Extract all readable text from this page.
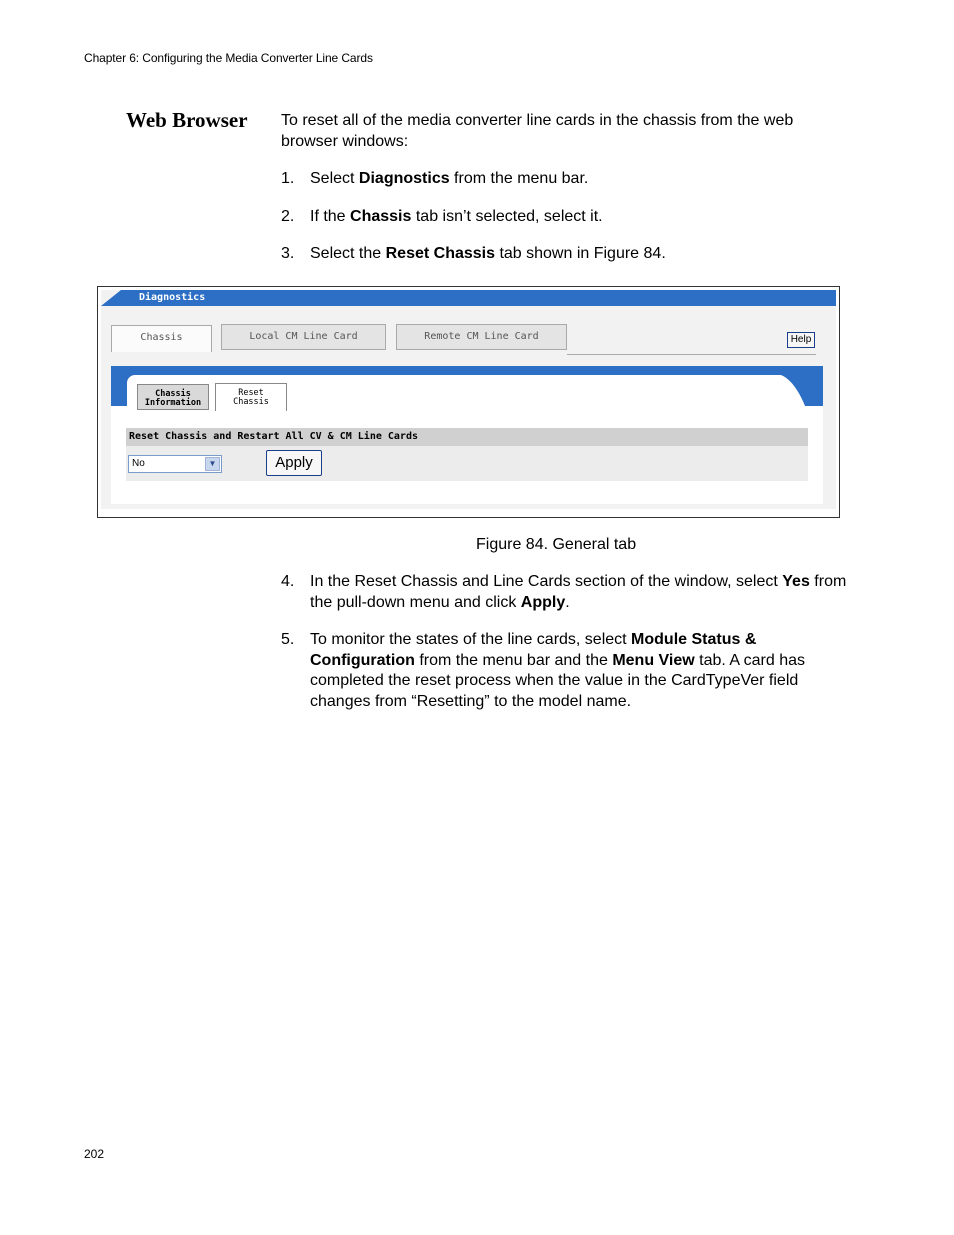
Chapter 6: Configuring the Media Converter Line Cards
Web Browser To reset all of the media converter line cards in the chassis from the web browser windows:
1. Select Diagnostics from the menu bar.
2. If the Chassis tab isn’t selected, select it.
3. Select the Reset Chassis tab shown in Figure 84.
Diagnostics
Chassis	Local CM Line Card	Remote CM Line Card	Help
Chassis
Information
Reset
Chassis
Reset Chassis and Restart All CV & CM Line Cards
No	▼	Apply
Figure 84. General tab
4. In the Reset Chassis and Line Cards section of the window, select Yes from the pull-down menu and click Apply.
5. To monitor the states of the line cards, select Module Status & Configuration from the menu bar and the Menu View tab. A card has completed the reset process when the value in the CardTypeVer field changes from “Resetting” to the model name.
202
